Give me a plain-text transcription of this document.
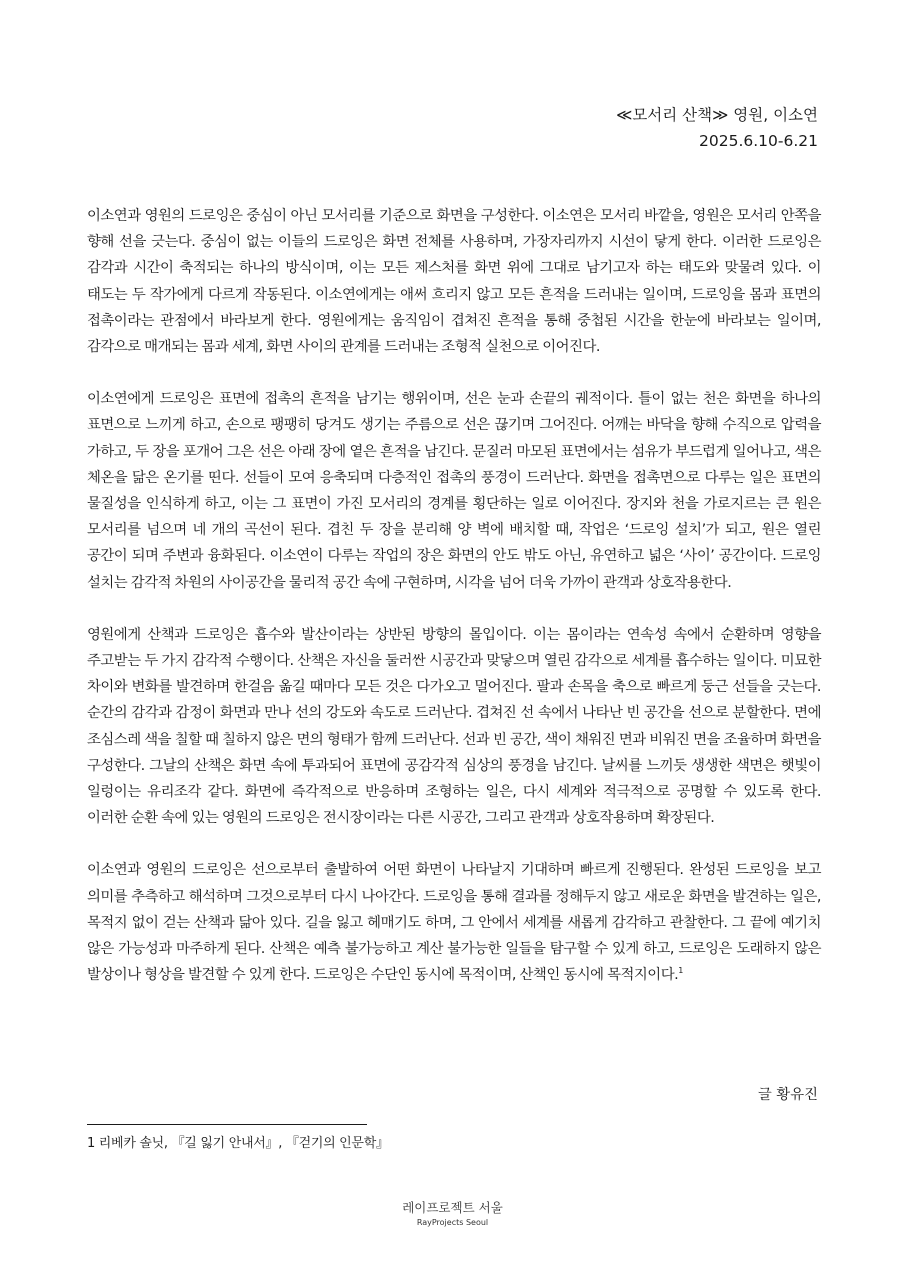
≪모서리 산책≫ 영원, 이소연
2025.6.10-6.21

이소연과 영원의 드로잉은 중심이 아닌 모서리를 기준으로 화면을 구성한다. 이소연은 모서리 바깥을, 영원은 모서리 안쪽을 향해 선을 긋는다. 중심이 없는 이들의 드로잉은 화면 전체를 사용하며, 가장자리까지 시선이 닿게 한다. 이러한 드로잉은 감각과 시간이 축적되는 하나의 방식이며, 이는 모든 제스처를 화면 위에 그대로 남기고자 하는 태도와 맞물려 있다. 이 태도는 두 작가에게 다르게 작동된다. 이소연에게는 애써 흐리지 않고 모든 흔적을 드러내는 일이며, 드로잉을 몸과 표면의 접촉이라는 관점에서 바라보게 한다. 영원에게는 움직임이 겹쳐진 흔적을 통해 중첩된 시간을 한눈에 바라보는 일이며, 감각으로 매개되는 몸과 세계, 화면 사이의 관계를 드러내는 조형적 실천으로 이어진다.

이소연에게 드로잉은 표면에 접촉의 흔적을 남기는 행위이며, 선은 눈과 손끝의 궤적이다. 틀이 없는 천은 화면을 하나의 표면으로 느끼게 하고, 손으로 팽팽히 당겨도 생기는 주름으로 선은 끊기며 그어진다. 어깨는 바닥을 향해 수직으로 압력을 가하고, 두 장을 포개어 그은 선은 아래 장에 옅은 흔적을 남긴다. 문질러 마모된 표면에서는 섬유가 부드럽게 일어나고, 색은 체온을 닮은 온기를 띤다. 선들이 모여 응축되며 다층적인 접촉의 풍경이 드러난다. 화면을 접촉면으로 다루는 일은 표면의 물질성을 인식하게 하고, 이는 그 표면이 가진 모서리의 경계를 횡단하는 일로 이어진다. 장지와 천을 가로지르는 큰 원은 모서리를 넘으며 네 개의 곡선이 된다. 겹친 두 장을 분리해 양 벽에 배치할 때, 작업은 ‘드로잉 설치’가 되고, 원은 열린 공간이 되며 주변과 융화된다. 이소연이 다루는 작업의 장은 화면의 안도 밖도 아닌, 유연하고 넓은 ‘사이’ 공간이다. 드로잉 설치는 감각적 차원의 사이공간을 물리적 공간 속에 구현하며, 시각을 넘어 더욱 가까이 관객과 상호작용한다.

영원에게 산책과 드로잉은 흡수와 발산이라는 상반된 방향의 몰입이다. 이는 몸이라는 연속성 속에서 순환하며 영향을 주고받는 두 가지 감각적 수행이다. 산책은 자신을 둘러싼 시공간과 맞닿으며 열린 감각으로 세계를 흡수하는 일이다. 미묘한 차이와 변화를 발견하며 한걸음 옮길 때마다 모든 것은 다가오고 멀어진다. 팔과 손목을 축으로 빠르게 둥근 선들을 긋는다. 순간의 감각과 감정이 화면과 만나 선의 강도와 속도로 드러난다. 겹쳐진 선 속에서 나타난 빈 공간을 선으로 분할한다. 면에 조심스레 색을 칠할 때 칠하지 않은 면의 형태가 함께 드러난다. 선과 빈 공간, 색이 채워진 면과 비워진 면을 조율하며 화면을 구성한다. 그날의 산책은 화면 속에 투과되어 표면에 공감각적 심상의 풍경을 남긴다. 날씨를 느끼듯 생생한 색면은 햇빛이 일렁이는 유리조각 같다. 화면에 즉각적으로 반응하며 조형하는 일은, 다시 세계와 적극적으로 공명할 수 있도록 한다. 이러한 순환 속에 있는 영원의 드로잉은 전시장이라는 다른 시공간, 그리고 관객과 상호작용하며 확장된다.

이소연과 영원의 드로잉은 선으로부터 출발하여 어떤 화면이 나타날지 기대하며 빠르게 진행된다. 완성된 드로잉을 보고 의미를 추측하고 해석하며 그것으로부터 다시 나아간다. 드로잉을 통해 결과를 정해두지 않고 새로운 화면을 발견하는 일은, 목적지 없이 걷는 산책과 닮아 있다. 길을 잃고 헤매기도 하며, 그 안에서 세계를 새롭게 감각하고 관찰한다. 그 끝에 예기치 않은 가능성과 마주하게 된다. 산책은 예측 불가능하고 계산 불가능한 일들을 탐구할 수 있게 하고, 드로잉은 도래하지 않은 발상이나 형상을 발견할 수 있게 한다. 드로잉은 수단인 동시에 목적이며, 산책인 동시에 목적지이다.$^1$

글 황유진
1 리베카 솔닛, 『길 잃기 안내서』, 『걷기의 인문학』
레이프로젝트 서울
RayProjects Seoul
